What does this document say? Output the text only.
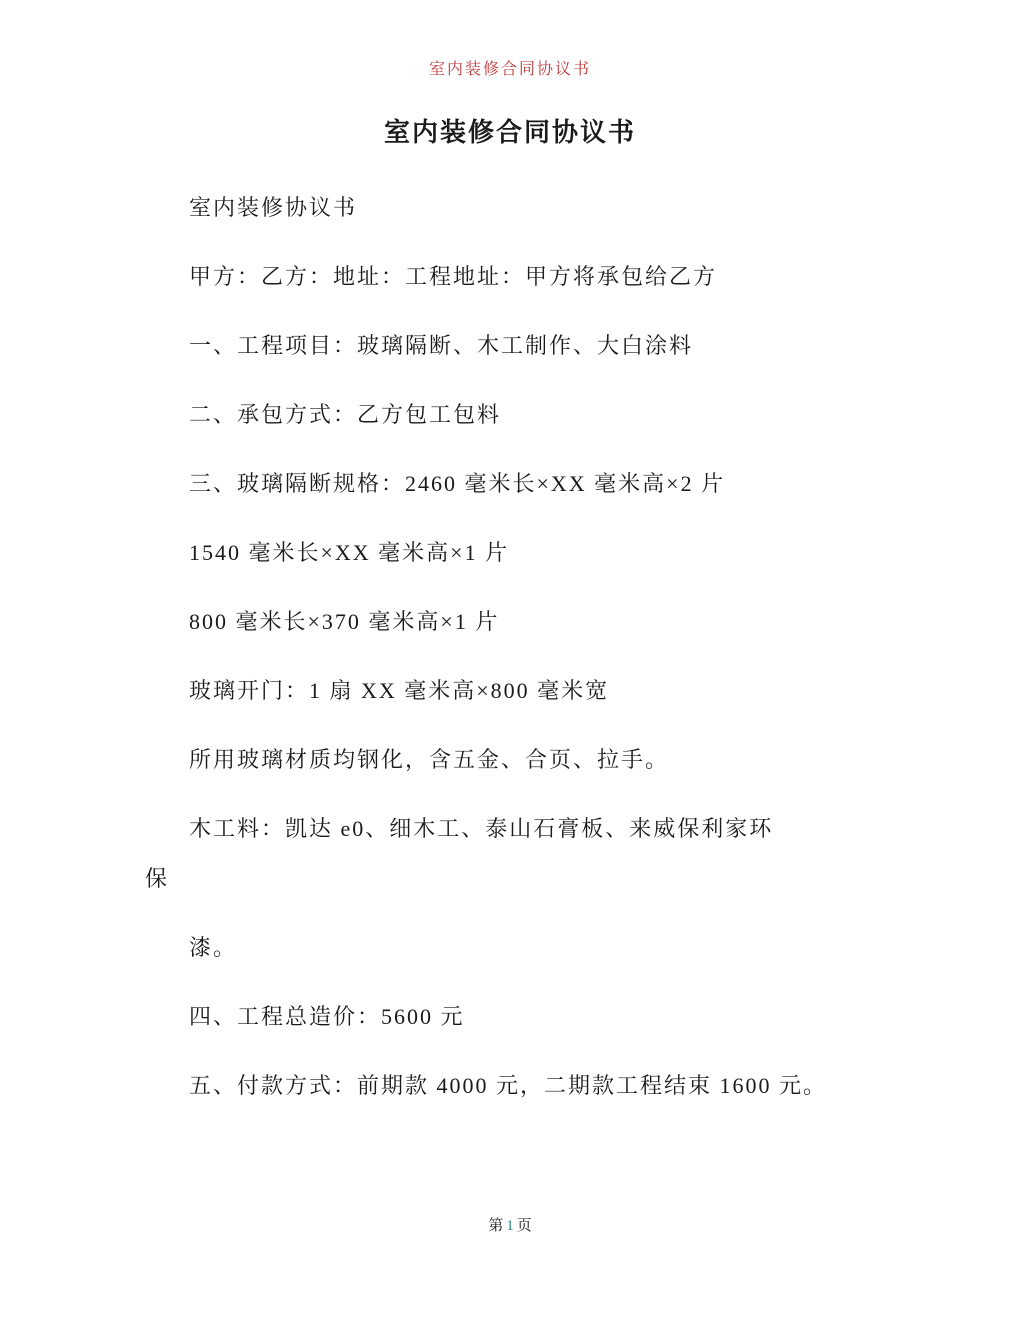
室内装修合同协议书
室内装修合同协议书

室内装修协议书

甲方：乙方：地址：工程地址：甲方将承包给乙方

一、工程项目：玻璃隔断、木工制作、大白涂料

二、承包方式：乙方包工包料

三、玻璃隔断规格：2460 毫米长×XX 毫米高×2 片

1540 毫米长×XX 毫米高×1 片

800 毫米长×370 毫米高×1 片

玻璃开门：1 扇 XX 毫米高×800 毫米宽

所用玻璃材质均钢化，含五金、合页、拉手。

木工料：凯达 e0、细木工、泰山石膏板、来威保利家环

保

漆。

四、工程总造价：5600 元

五、付款方式：前期款 4000 元，二期款工程结束 1600 元。

第 1 页
